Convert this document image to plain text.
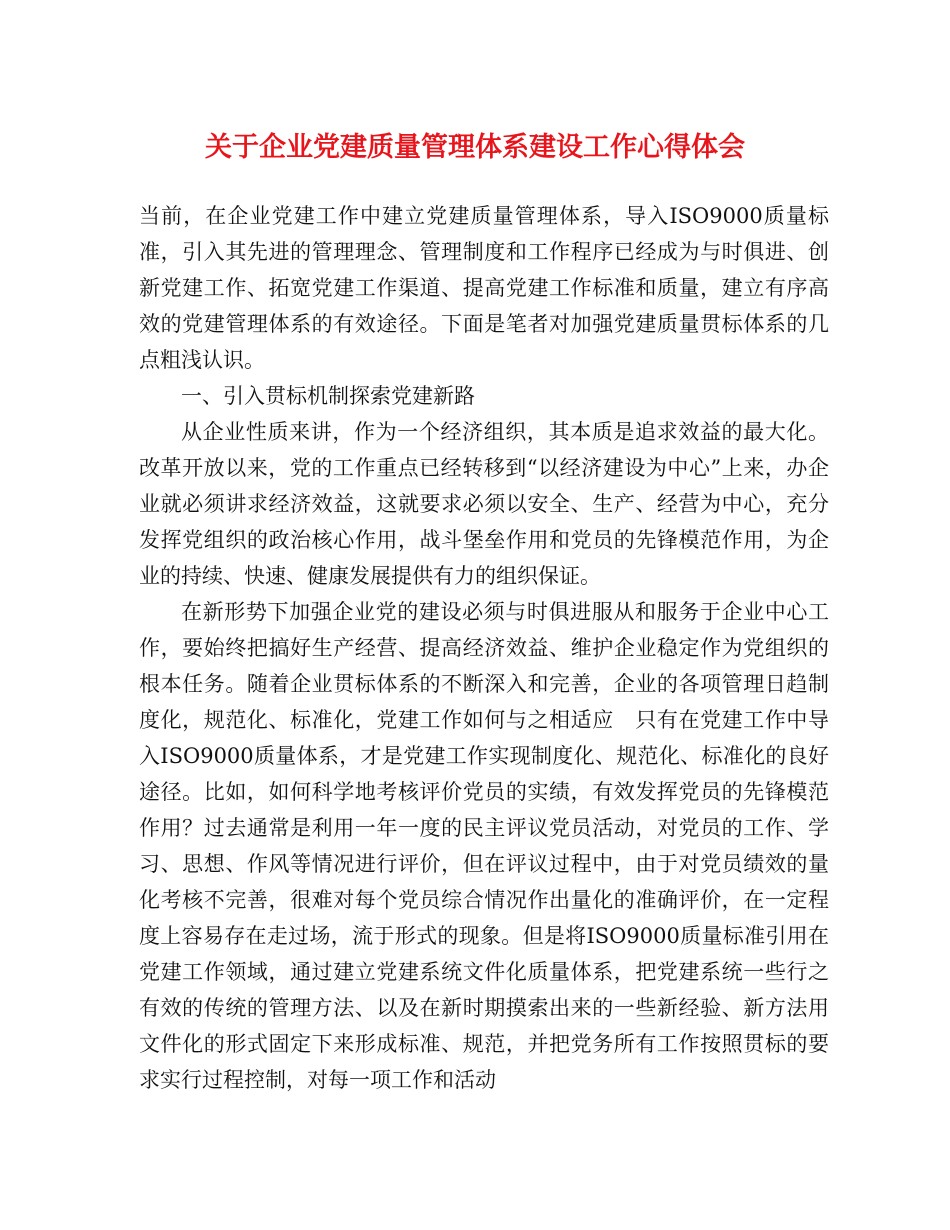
关于企业党建质量管理体系建设工作心得体会

当前，在企业党建工作中建立党建质量管理体系，导入ISO9000质量标准，引入其先进的管理理念、管理制度和工作程序已经成为与时俱进、创新党建工作、拓宽党建工作渠道、提高党建工作标准和质量，建立有序高效的党建管理体系的有效途径。下面是笔者对加强党建质量贯标体系的几点粗浅认识。

一、引入贯标机制探索党建新路

从企业性质来讲，作为一个经济组织，其本质是追求效益的最大化。改革开放以来，党的工作重点已经转移到“以经济建设为中心”上来，办企业就必须讲求经济效益，这就要求必须以安全、生产、经营为中心，充分发挥党组织的政治核心作用，战斗堡垒作用和党员的先锋模范作用，为企业的持续、快速、健康发展提供有力的组织保证。

在新形势下加强企业党的建设必须与时俱进服从和服务于企业中心工作，要始终把搞好生产经营、提高经济效益、维护企业稳定作为党组织的根本任务。随着企业贯标体系的不断深入和完善，企业的各项管理日趋制度化，规范化、标准化，党建工作如何与之相适应　只有在党建工作中导入ISO9000质量体系，才是党建工作实现制度化、规范化、标准化的良好途径。比如，如何科学地考核评价党员的实绩，有效发挥党员的先锋模范作用？过去通常是利用一年一度的民主评议党员活动，对党员的工作、学习、思想、作风等情况进行评价，但在评议过程中，由于对党员绩效的量化考核不完善，很难对每个党员综合情况作出量化的准确评价，在一定程度上容易存在走过场，流于形式的现象。但是将ISO9000质量标准引用在党建工作领域，通过建立党建系统文件化质量体系，把党建系统一些行之有效的传统的管理方法、以及在新时期摸索出来的一些新经验、新方法用文件化的形式固定下来形成标准、规范，并把党务所有工作按照贯标的要求实行过程控制，对每一项工作和活动
